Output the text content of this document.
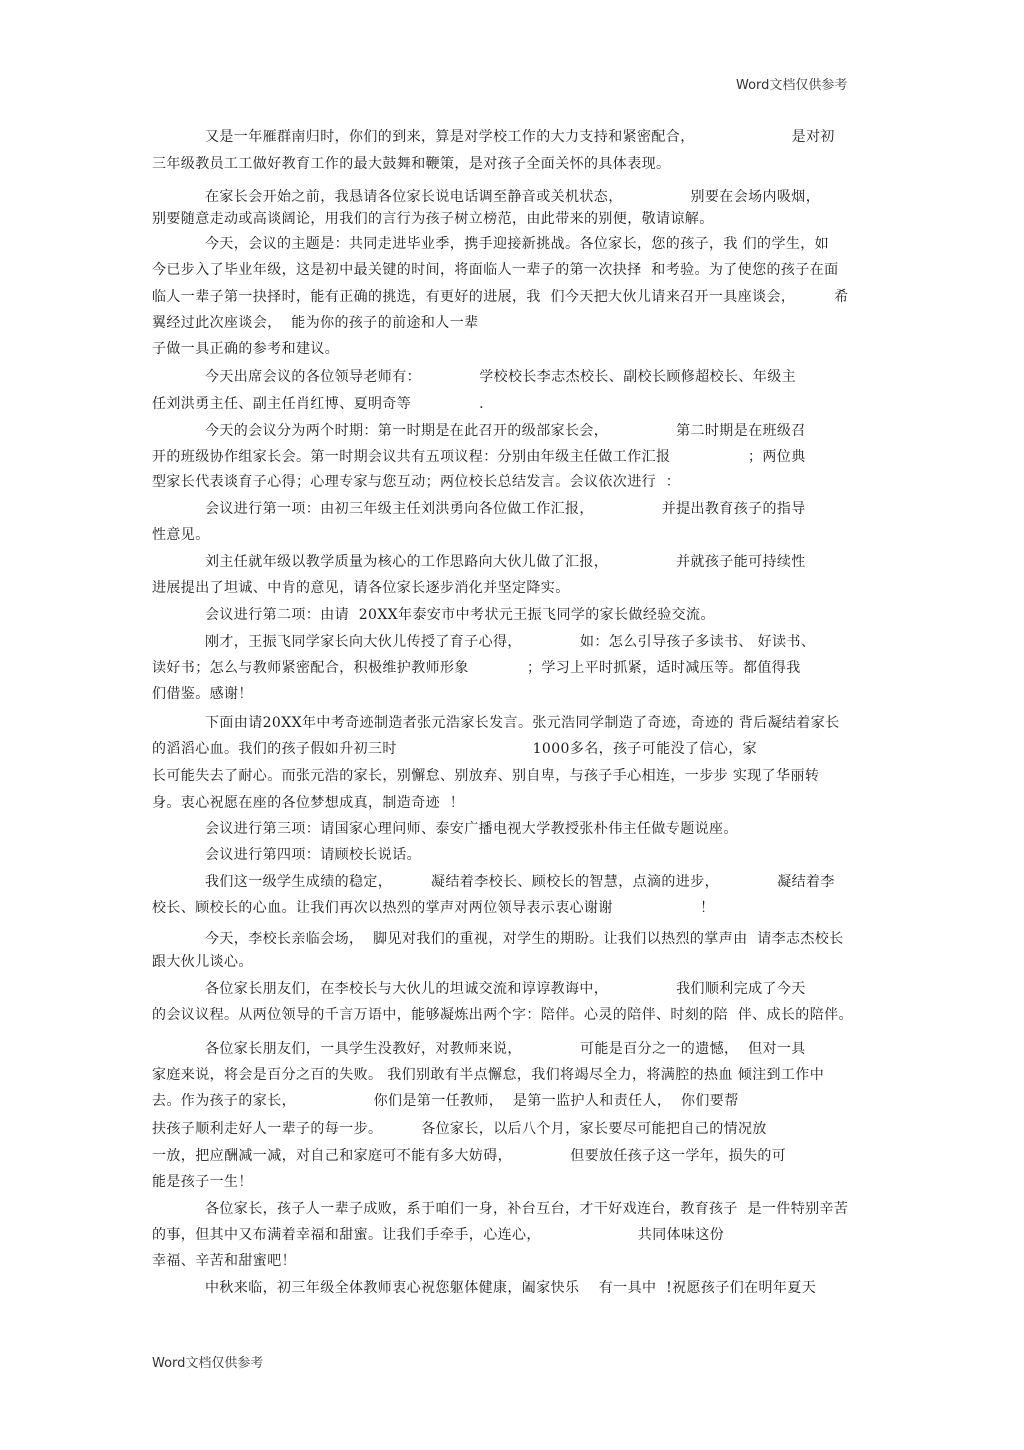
Word文档仅供参考
又是一年雁群南归时，你们的到来，算是对学校工作的大力支持和紧密配合，                    是对初
三年级教员工工做好教育工作的最大鼓舞和鞭策，是对孩子全面关怀的具体表现。
在家长会开始之前，我恳请各位家长说电话调至静音或关机状态，              别要在会场内吸烟，
别要随意走动或高谈阔论，用我们的言行为孩子树立榜范，由此带来的别便，敬请谅解。
今天，会议的主题是：共同走进毕业季，携手迎接新挑战。各位家长，您的孩子，我 们的学生，如
今已步入了毕业年级，这是初中最关键的时间，将面临人一辈子的第一次抉择  和考验。为了使您的孩子在面
临人一辈子第一抉择时，能有正确的挑选，有更好的进展，我  们今天把大伙儿请来召开一具座谈会，        希
翼经过此次座谈会，  能为你的孩子的前途和人一辈
子做一具正确的参考和建议。
今天出席会议的各位领导老师有：            学校校长李志杰校长、副校长顾修超校长、年级主
任刘洪勇主任、副主任肖红博、夏明奇等              .
今天的会议分为两个时期：第一时期是在此召开的级部家长会，              第二时期是在班级召
开的班级协作组家长会。第一时期会议共有五项议程：分别由年级主任做工作汇报                ；两位典
型家长代表谈育子心得；心理专家与您互动；两位校长总结发言。会议依次进行  ：
会议进行第一项：由初三年级主任刘洪勇向各位做工作汇报，              并提出教育孩子的指导
性意见。
刘主任就年级以教学质量为核心的工作思路向大伙儿做了汇报，              并就孩子能可持续性
进展提出了坦诚、中肯的意见，请各位家长逐步消化并坚定降实。
会议进行第二项：由请  20XX年泰安市中考状元王振飞同学的家长做经验交流。
刚才，王振飞同学家长向大伙儿传授了育子心得，            如：怎么引导孩子多读书、 好读书、
读好书；怎么与教师紧密配合，积极维护教师形象            ；学习上平时抓紧，适时减压等。都值得我
们借鉴。感谢！
下面由请20XX年中考奇迹制造者张元浩家长发言。张元浩同学制造了奇迹，奇迹的 背后凝结着家长
的滔滔心血。我们的孩子假如升初三时                            1000多名，孩子可能没了信心，家
长可能失去了耐心。而张元浩的家长，别懈怠、别放弃、别自卑，与孩子手心相连，一步步 实现了华丽转
身。衷心祝愿在座的各位梦想成真，制造奇迹  ！
会议进行第三项：请国家心理问师、泰安广播电视大学教授张朴伟主任做专题说座。
会议进行第四项：请顾校长说话。
我们这一级学生成绩的稳定，        凝结着李校长、顾校长的智慧，点滴的进步，            凝结着李
校长、顾校长的心血。让我们再次以热烈的掌声对两位领导表示衷心谢谢                  ！
今天，李校长亲临会场，  脚见对我们的重视，对学生的期盼。让我们以热烈的掌声由  请李志杰校长
跟大伙儿谈心。
各位家长朋友们，在李校长与大伙儿的坦诚交流和谆谆教诲中，              我们顺利完成了今天
的会议议程。从两位领导的千言万语中，能够凝炼出两个字：陪伴。心灵的陪伴、时刻的陪  伴、成长的陪伴。
各位家长朋友们，一具学生没教好，对教师来说，            可能是百分之一的遗憾，  但对一具
家庭来说，将会是百分之百的失败。 我们别敢有半点懈怠，我们将竭尽全力，将满腔的热血 倾注到工作中
去。作为孩子的家长，                你们是第一任教师，  是第一监护人和责任人，  你们要帮
扶孩子顺利走好人一辈子的每一步。        各位家长，以后八个月，家长要尽可能把自己的情况放
一放，把应酬减一减，对自己和家庭可不能有多大妨碍，            但要放任孩子这一学年，损失的可
能是孩子一生！
各位家长，孩子人一辈子成败，系于咱们一身，补台互台，才干好戏连台，教育孩子  是一件特别辛苦
的事，但其中又布满着幸福和甜蜜。让我们手牵手，心连心，                    共同体味这份
幸福、辛苦和甜蜜吧！
中秋来临，初三年级全体教师衷心祝您躯体健康，阖家快乐    有一具中  !祝愿孩子们在明年夏天
Word文档仅供参考
